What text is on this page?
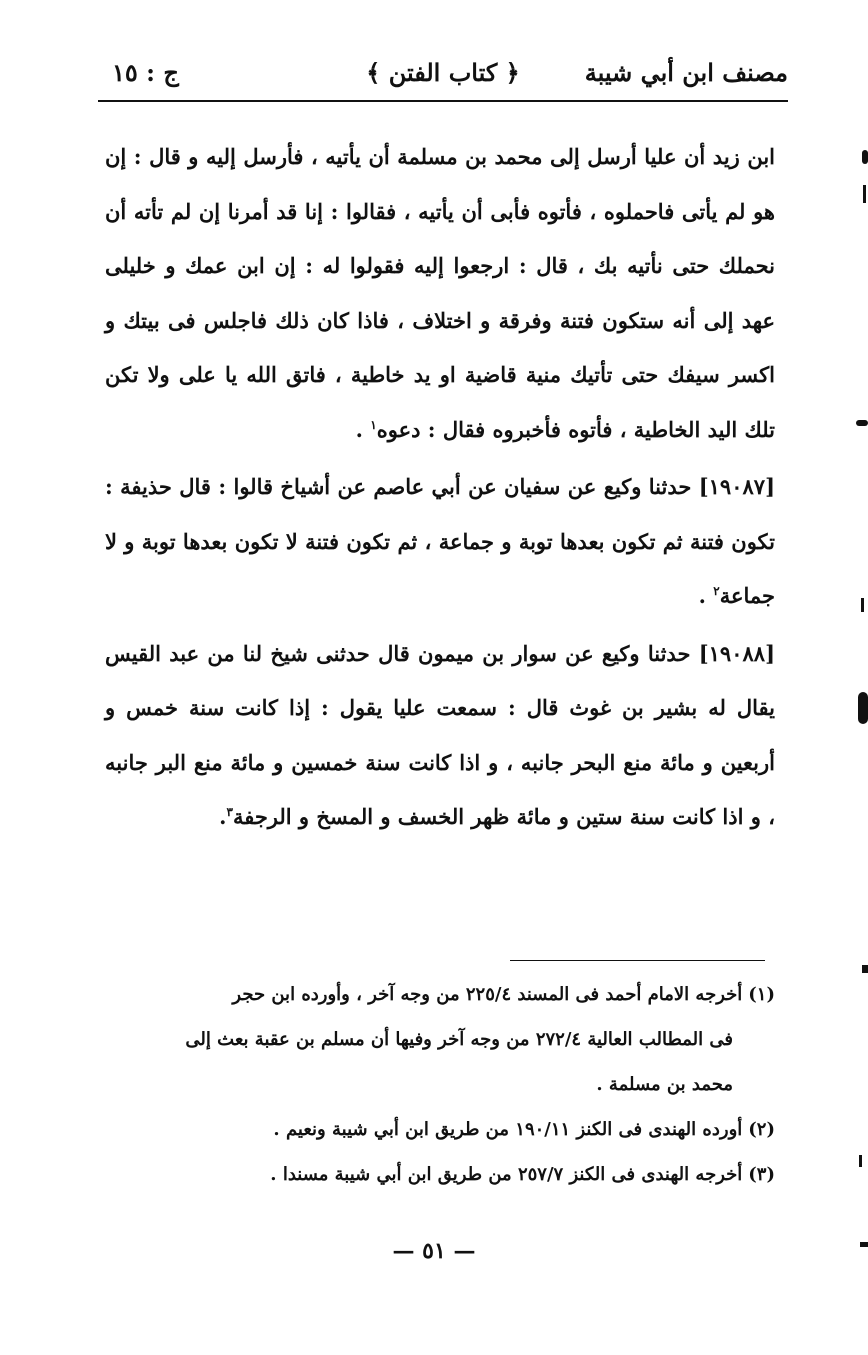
مصنف ابن أبي شيبة
﴿ كتاب الفتن ﴾
ج : ١٥

ابن زيد أن عليا أرسل إلى محمد بن مسلمة أن يأتيه ، فأرسل إليه و قال : إن هو لم يأتى فاحملوه ، فأتوه فأبى أن يأتيه ، فقالوا : إنا قد أمرنا إن لم تأته أن نحملك حتى نأتيه بك ، قال : ارجعوا إليه فقولوا له : إن ابن عمك و خليلى عهد إلى أنه ستكون فتنة وفرقة و اختلاف ، فاذا كان ذلك فاجلس فى بيتك و اكسر سيفك حتى تأتيك منية قاضية او يد خاطية ، فاتق الله يا على ولا تكن تلك اليد الخاطية ، فأتوه فأخبروه فقال : دعوه$^١$ .

[١٩٠٨٧] حدثنا وكيع عن سفيان عن أبي عاصم عن أشياخ قالوا : قال حذيفة : تكون فتنة ثم تكون بعدها توبة و جماعة ، ثم تكون فتنة لا تكون بعدها توبة و لا جماعة$^٢$ .

[١٩٠٨٨] حدثنا وكيع عن سوار بن ميمون قال حدثنى شيخ لنا من عبد القيس يقال له بشير بن غوث قال : سمعت عليا يقول : إذا كانت سنة خمس و أربعين و مائة منع البحر جانبه ، و اذا كانت سنة خمسين و مائة منع البر جانبه ، و اذا كانت سنة ستين و مائة ظهر الخسف و المسخ و الرجفة$^٣$.

(١)أخرجه الامام أحمد فى المسند ٢٢٥/٤ من وجه آخر ، وأورده ابن حجر

فى المطالب العالية ٢٧٢/٤ من وجه آخر وفيها أن مسلم بن عقبة بعث إلى

محمد بن مسلمة .

(٢)أورده الهندى فى الكنز ١٩٠/١١ من طريق ابن أبي شيبة ونعيم .

(٣)أخرجه الهندى فى الكنز ٢٥٧/٧ من طريق ابن أبي شيبة مسندا .

— ٥١ —
